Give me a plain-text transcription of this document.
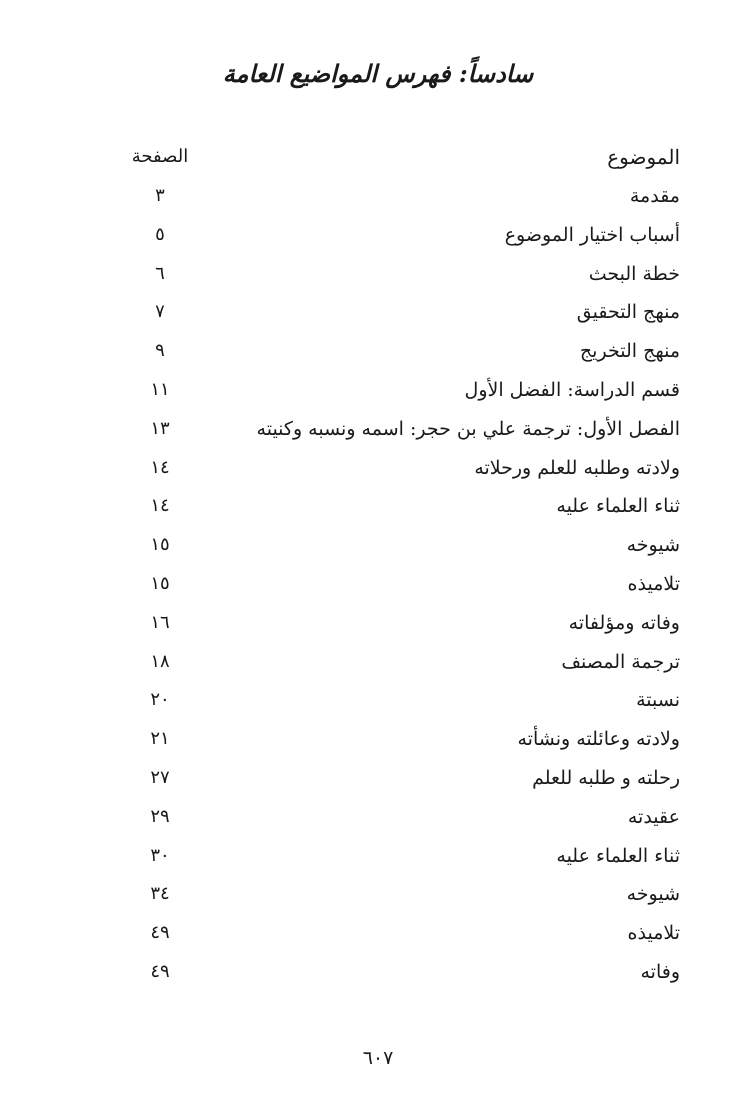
سادساً: فهرس المواضيع العامة
الموضوع
الصفحة
مقدمة
٣
أسباب اختيار الموضوع
٥
خطة البحث
٦
منهج التحقيق
٧
منهج التخريج
٩
قسم الدراسة: الفضل الأول
١١
الفصل الأول: ترجمة علي بن حجر: اسمه ونسبه وكنيته
١٣
ولادته وطلبه للعلم ورحلاته
١٤
ثناء العلماء عليه
١٤
شيوخه
١٥
تلاميذه
١٥
وفاته ومؤلفاته
١٦
ترجمة المصنف
١٨
نسبتة
٢٠
ولادته وعائلته ونشأته
٢١
رحلته و طلبه للعلم
٢٧
عقيدته
٢٩
ثناء العلماء عليه
٣٠
شيوخه
٣٤
تلاميذه
٤٩
وفاته
٤٩
٦٠٧
